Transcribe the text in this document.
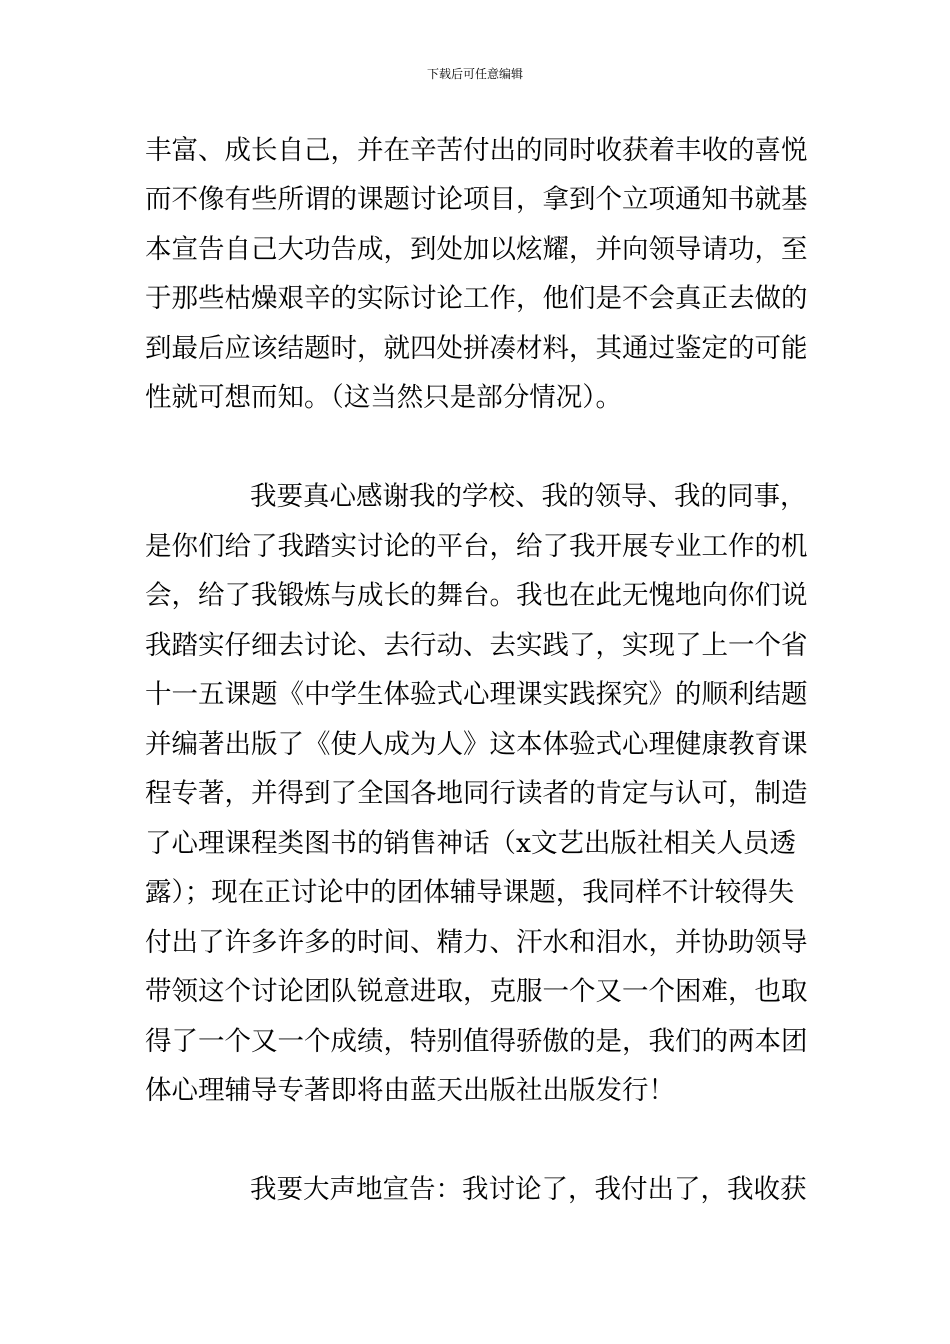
下载后可任意编辑
丰富、成长自己，并在辛苦付出的同时收获着丰收的喜悦
而不像有些所谓的课题讨论项目，拿到个立项通知书就基
本宣告自己大功告成，到处加以炫耀，并向领导请功，至
于那些枯燥艰辛的实际讨论工作，他们是不会真正去做的
到最后应该结题时，就四处拼凑材料，其通过鉴定的可能
性就可想而知。（这当然只是部分情况）。
我要真心感谢我的学校、我的领导、我的同事，
是你们给了我踏实讨论的平台，给了我开展专业工作的机
会，给了我锻炼与成长的舞台。我也在此无愧地向你们说
我踏实仔细去讨论、去行动、去实践了，实现了上一个省
十一五课题《中学生体验式心理课实践探究》的顺利结题
并编著出版了《使人成为人》这本体验式心理健康教育课
程专著，并得到了全国各地同行读者的肯定与认可，制造
了心理课程类图书的销售神话（x文艺出版社相关人员透
露）；现在正讨论中的团体辅导课题，我同样不计较得失
付出了许多许多的时间、精力、汗水和泪水，并协助领导
带领这个讨论团队锐意进取，克服一个又一个困难，也取
得了一个又一个成绩，特别值得骄傲的是，我们的两本团
体心理辅导专著即将由蓝天出版社出版发行！
我要大声地宣告：我讨论了，我付出了，我收获
